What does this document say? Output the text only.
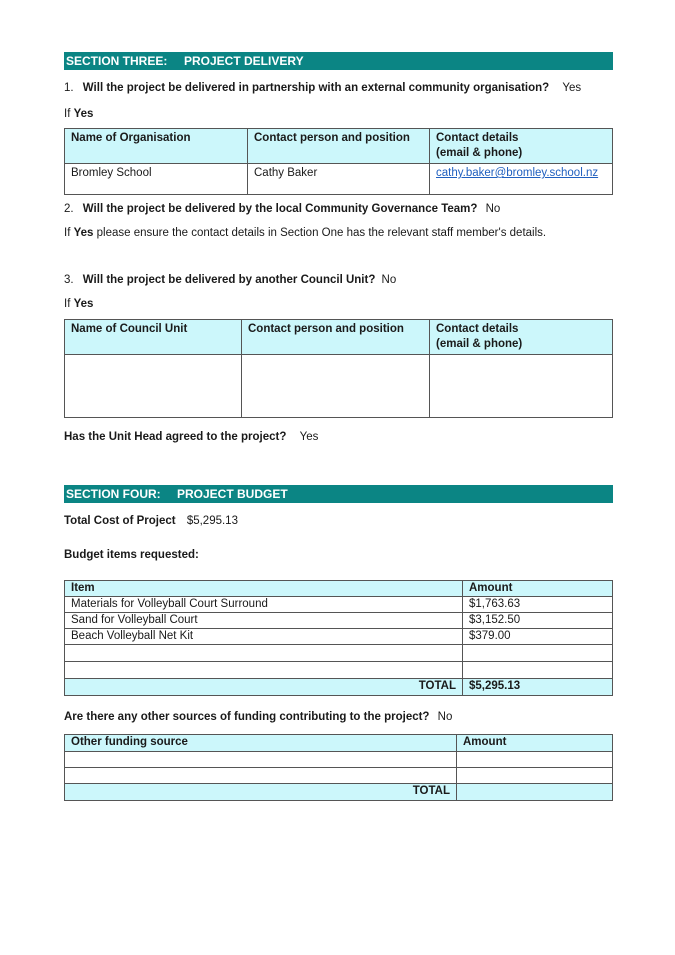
SECTION THREE: PROJECT DELIVERY
1. Will the project be delivered in partnership with an external community organisation? Yes
If Yes
Name of Organisation	Contact person and position	Contact details
(email & phone)
Bromley School	Cathy Baker	cathy.baker@bromley.school.nz
2. Will the project be delivered by the local Community Governance Team? No
If Yes please ensure the contact details in Section One has the relevant staff member's details.
3. Will the project be delivered by another Council Unit? No
If Yes
Name of Council Unit	Contact person and position	Contact details
(email & phone)

Has the Unit Head agreed to the project? Yes
SECTION FOUR: PROJECT BUDGET
Total Cost of Project $5,295.13
Budget items requested:
Item	Amount
Materials for Volleyball Court Surround	$1,763.63
Sand for Volleyball Court	$3,152.50
Beach Volleyball Net Kit	$379.00

TOTAL	$5,295.13
Are there any other sources of funding contributing to the project? No
Other funding source	Amount

TOTAL	
